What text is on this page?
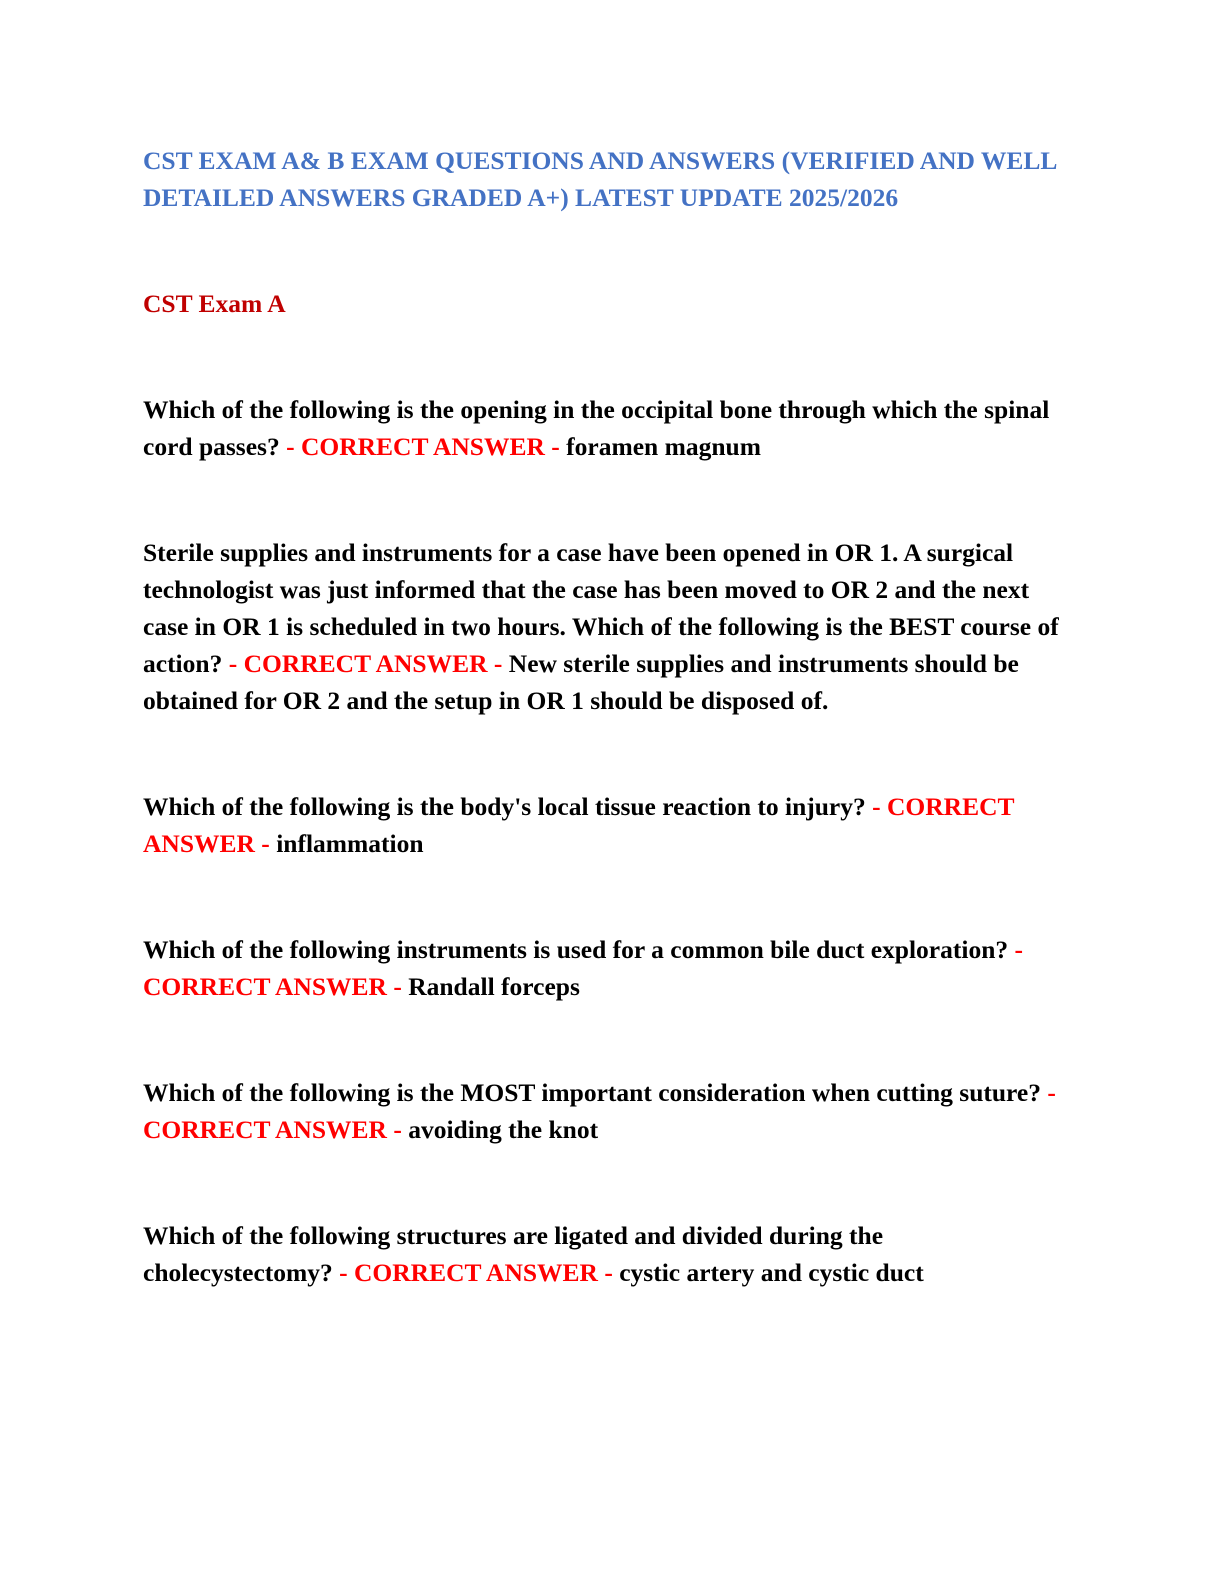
CST EXAM A& B EXAM QUESTIONS AND ANSWERS (VERIFIED AND WELL DETAILED ANSWERS GRADED A+) LATEST UPDATE 2025/2026
CST Exam A
Which of the following is the opening in the occipital bone through which the spinal cord passes? - CORRECT ANSWER - foramen magnum
Sterile supplies and instruments for a case have been opened in OR 1. A surgical technologist was just informed that the case has been moved to OR 2 and the next case in OR 1 is scheduled in two hours. Which of the following is the BEST course of action? - CORRECT ANSWER - New sterile supplies and instruments should be obtained for OR 2 and the setup in OR 1 should be disposed of.
Which of the following is the body's local tissue reaction to injury? - CORRECT ANSWER - inflammation
Which of the following instruments is used for a common bile duct exploration? - CORRECT ANSWER - Randall forceps
Which of the following is the MOST important consideration when cutting suture? - CORRECT ANSWER - avoiding the knot
Which of the following structures are ligated and divided during the cholecystectomy? - CORRECT ANSWER - cystic artery and cystic duct
